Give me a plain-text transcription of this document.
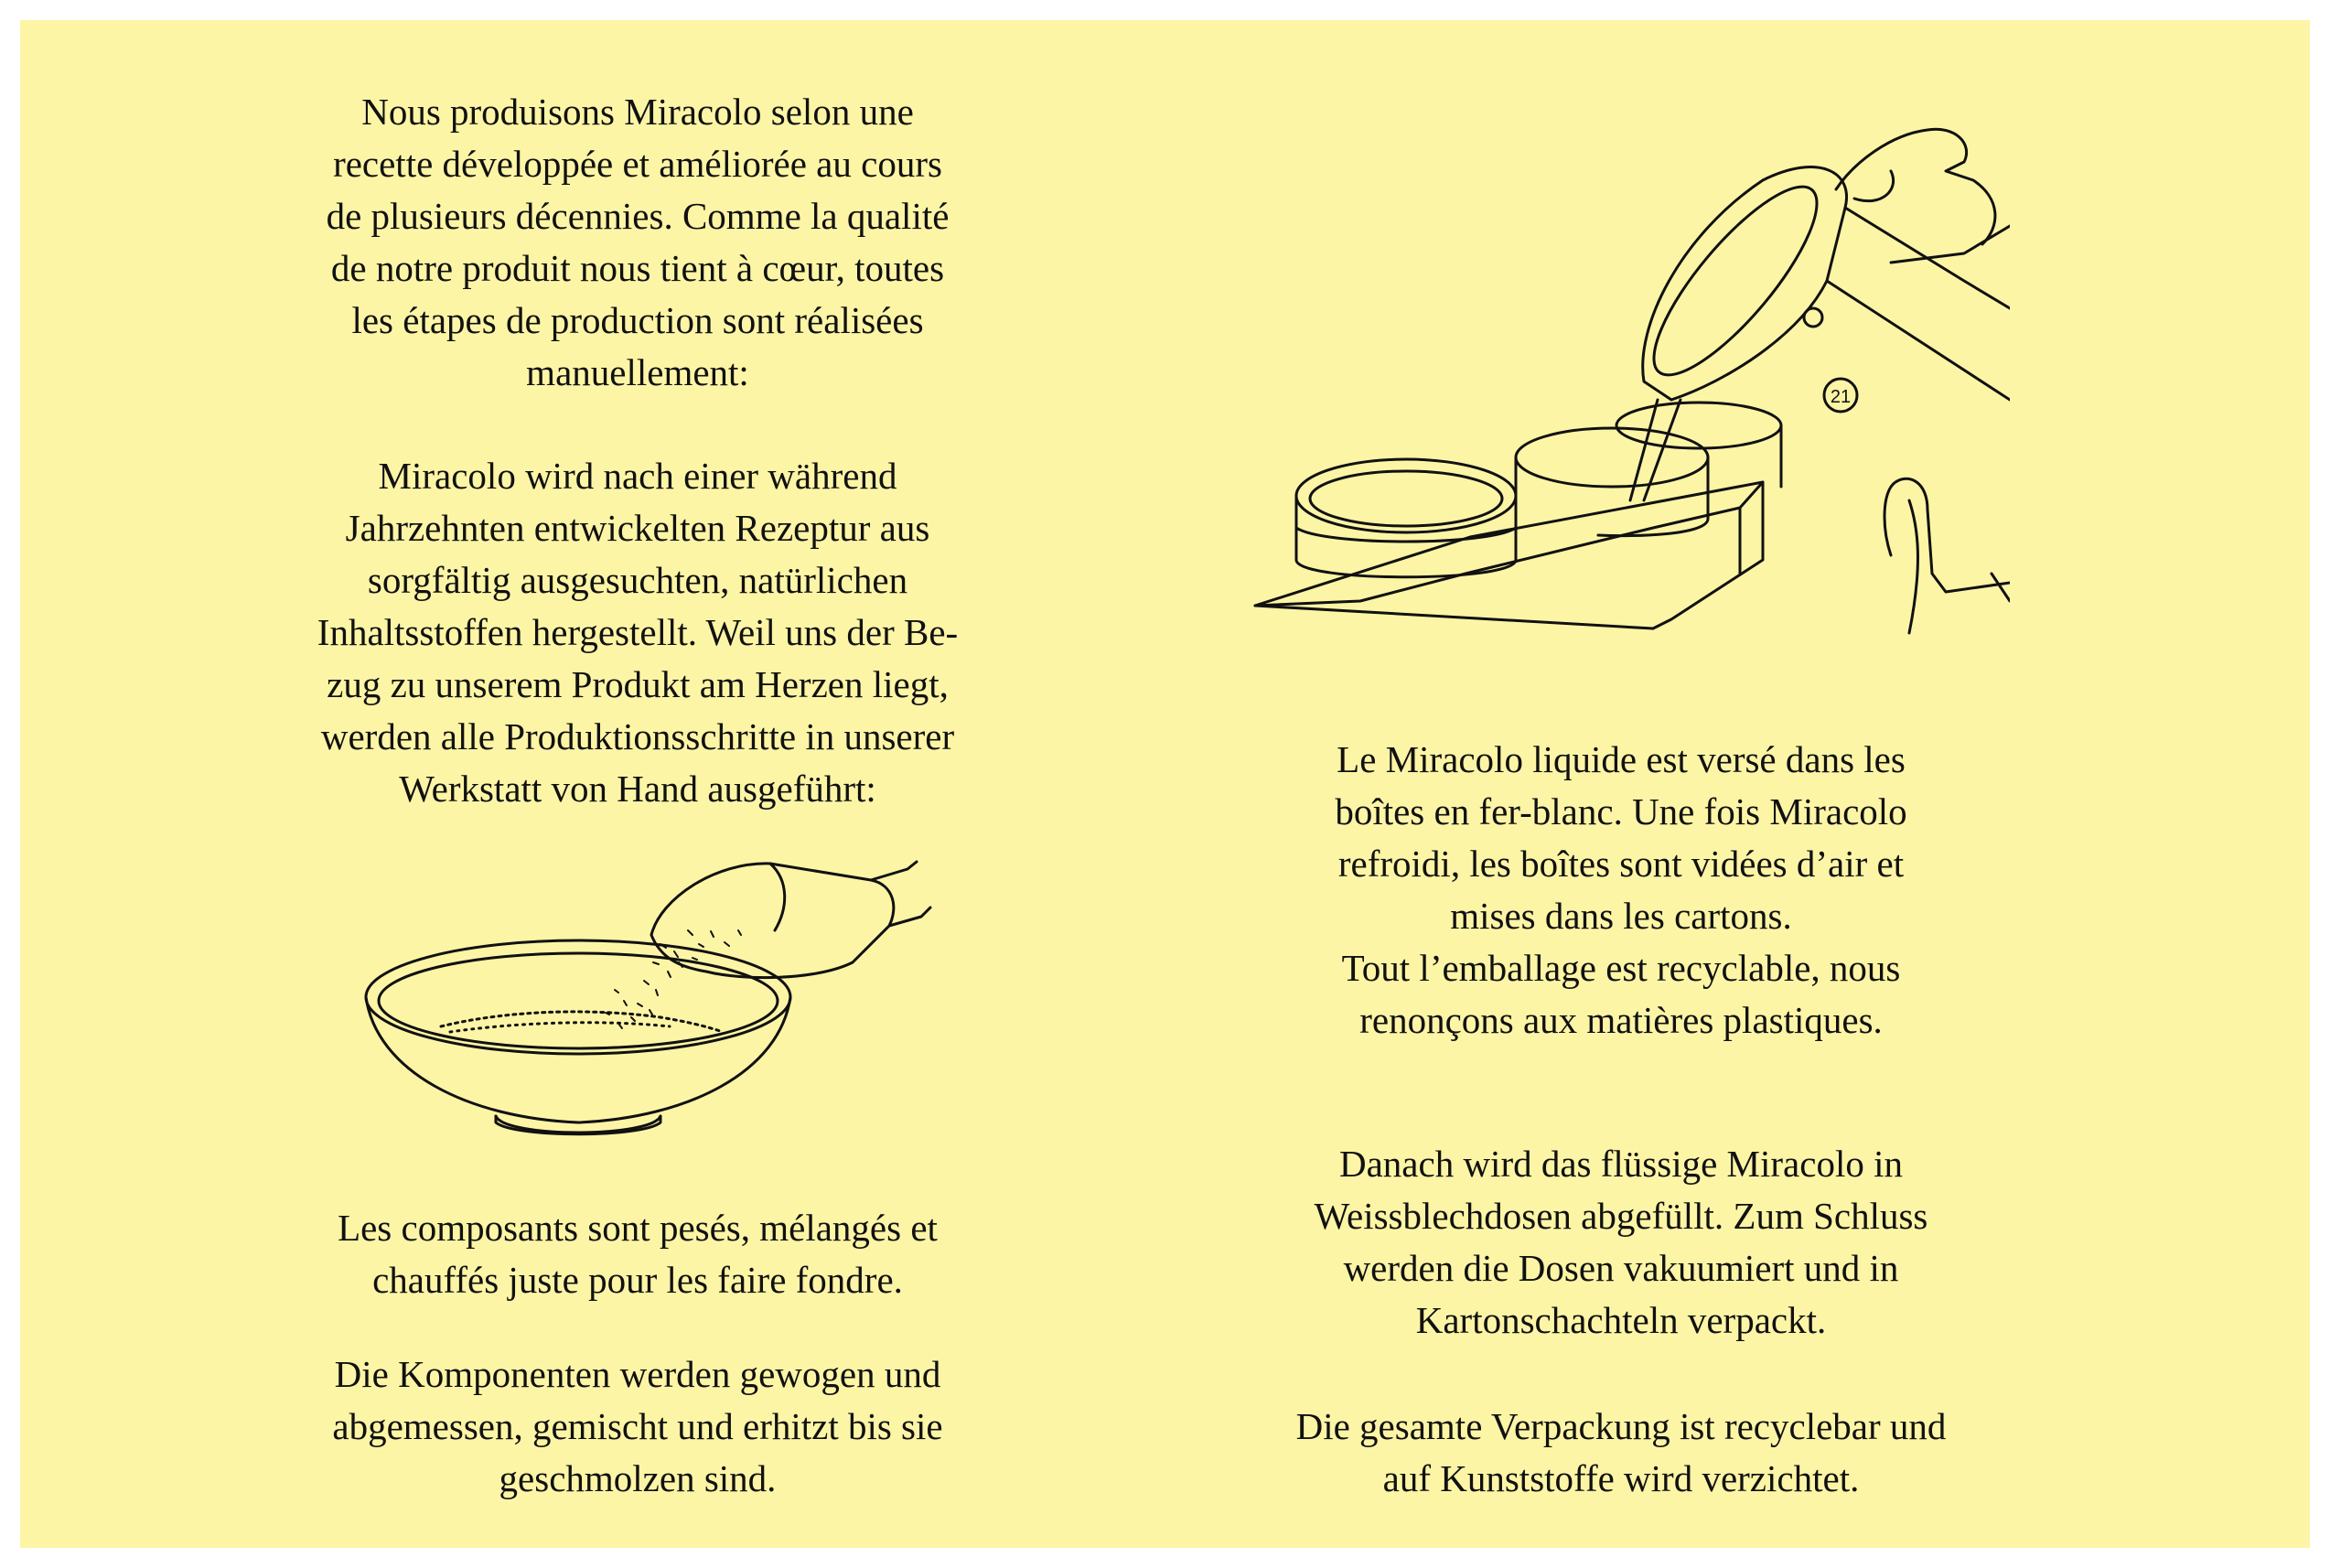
Nous produisons Miracolo selon une
recette développée et améliorée au cours
de plusieurs décennies. Comme la qualité
de notre produit nous tient à cœur, toutes
les étapes de production sont réalisées
manuellement:

Miracolo wird nach einer während
Jahrzehnten entwickelten Rezeptur aus
sorgfältig ausgesuchten, natürlichen
Inhaltsstoffen hergestellt. Weil uns der Be-
zug zu unserem Produkt am Herzen liegt,
werden alle Produktionsschritte in unserer
Werkstatt von Hand ausgeführt:

Les composants sont pesés, mélangés et
chauffés juste pour les faire fondre.

Die Komponenten werden gewogen und
abgemessen, gemischt und erhitzt bis sie
geschmolzen sind.

Le Miracolo liquide est versé dans les
boîtes en fer-blanc. Une fois Miracolo
refroidi, les boîtes sont vidées d’air et
mises dans les cartons.
Tout l’emballage est recyclable, nous
renonçons aux matières plastiques.

Danach wird das flüssige Miracolo in
Weissblechdosen abgefüllt. Zum Schluss
werden die Dosen vakuumiert und in
Kartonschachteln verpackt.

Die gesamte Verpackung ist recyclebar und
auf Kunststoffe wird verzichtet.

21
